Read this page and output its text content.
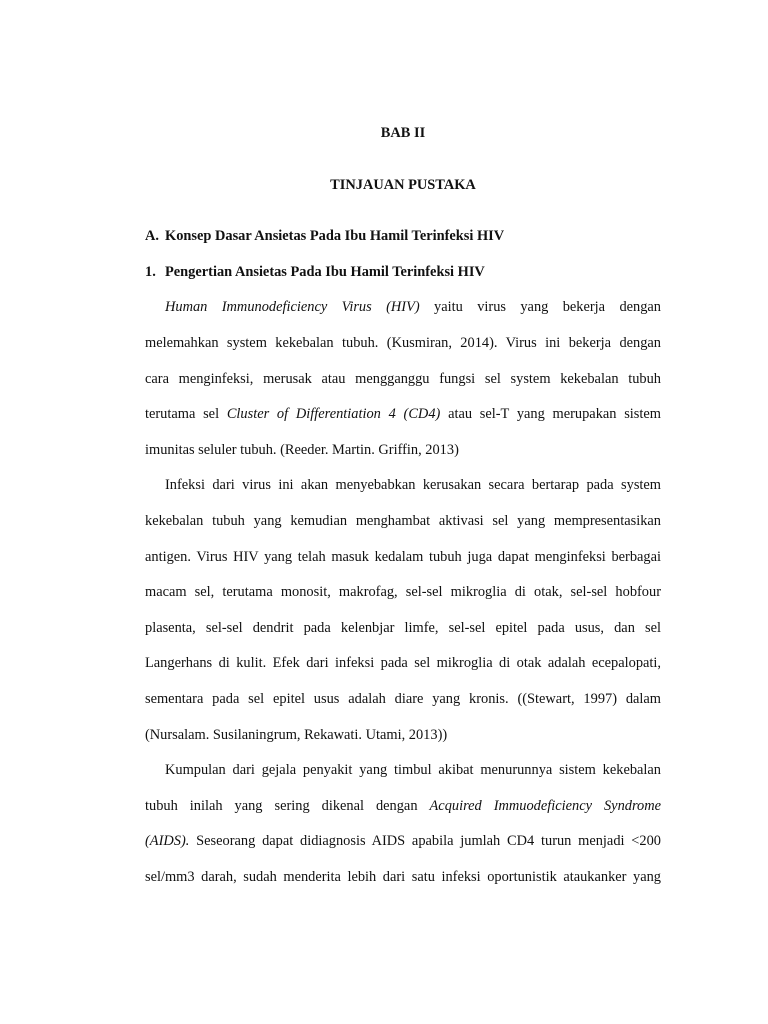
BAB II

TINJAUAN PUSTAKA

A. Konsep Dasar Ansietas Pada Ibu Hamil Terinfeksi HIV

1. Pengertian Ansietas Pada Ibu Hamil Terinfeksi HIV

Human Immunodeficiency Virus (HIV) yaitu virus yang bekerja dengan
melemahkan system kekebalan tubuh. (Kusmiran, 2014). Virus ini bekerja dengan
cara menginfeksi, merusak atau mengganggu fungsi sel system kekebalan tubuh
terutama sel Cluster of Differentiation 4 (CD4) atau sel-T yang merupakan sistem
imunitas seluler tubuh. (Reeder. Martin. Griffin, 2013)
Infeksi dari virus ini akan menyebabkan kerusakan secara bertarap pada system
kekebalan tubuh yang kemudian menghambat aktivasi sel yang mempresentasikan
antigen. Virus HIV yang telah masuk kedalam tubuh juga dapat menginfeksi berbagai
macam sel, terutama monosit, makrofag, sel-sel mikroglia di otak, sel-sel hobfour
plasenta, sel-sel dendrit pada kelenbjar limfe, sel-sel epitel pada usus, dan sel
Langerhans di kulit. Efek dari infeksi pada sel mikroglia di otak adalah ecepalopati,
sementara pada sel epitel usus adalah diare yang kronis. ((Stewart, 1997) dalam
(Nursalam. Susilaningrum, Rekawati. Utami, 2013))
Kumpulan dari gejala penyakit yang timbul akibat menurunnya sistem kekebalan
tubuh inilah yang sering dikenal dengan Acquired Immuodeficiency Syndrome
(AIDS). Seseorang dapat didiagnosis AIDS apabila jumlah CD4 turun menjadi <200
sel/mm3 darah, sudah menderita lebih dari satu infeksi oportunistik ataukanker yang
